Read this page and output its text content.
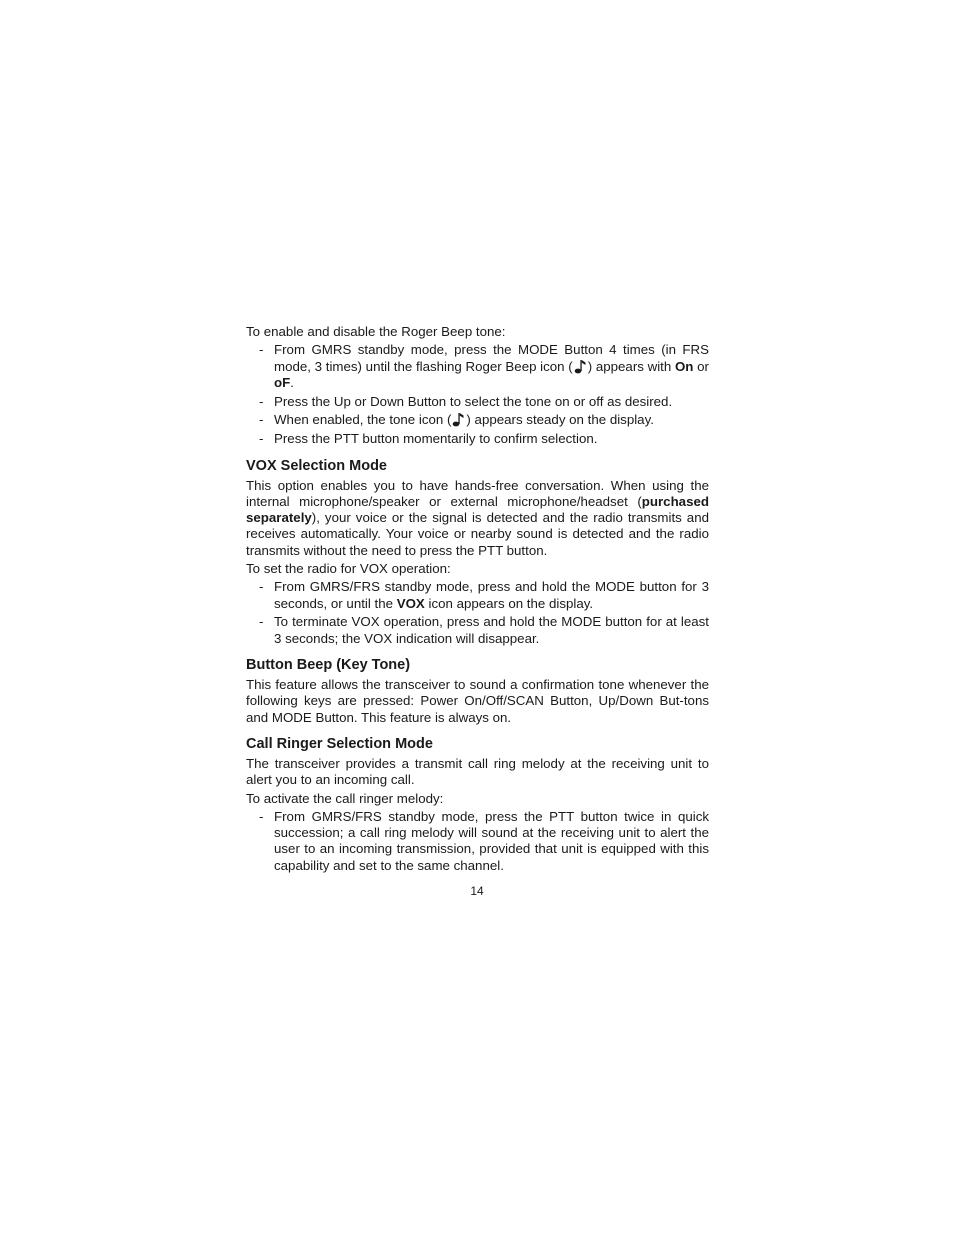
To enable and disable the Roger Beep tone:

- From GMRS standby mode, press the MODE Button 4 times (in FRS mode, 3 times) until the flashing Roger Beep icon ( ) appears with On or oF.
- Press the Up or Down Button to select the tone on or off as desired.
- When enabled, the tone icon ( ) appears steady on the display.
- Press the PTT button momentarily to confirm selection.
VOX Selection Mode

This option enables you to have hands-free conversation. When using the internal microphone/speaker or external microphone/headset (purchased separately), your voice or the signal is detected and the radio transmits and receives automatically. Your voice or nearby sound is detected and the radio transmits without the need to press the PTT button.

To set the radio for VOX operation:

- From GMRS/FRS standby mode, press and hold the MODE button for 3 seconds, or until the VOX icon appears on the display.
- To terminate VOX operation, press and hold the MODE button for at least 3 seconds; the VOX indication will disappear.
Button Beep (Key Tone)

This feature allows the transceiver to sound a confirmation tone whenever the following keys are pressed: Power On/Off/SCAN Button, Up/Down But-tons and MODE Button. This feature is always on.

Call Ringer Selection Mode

The transceiver provides a transmit call ring melody at the receiving unit to alert you to an incoming call.

To activate the call ringer melody:

- From GMRS/FRS standby mode, press the PTT button twice in quick succession; a call ring melody will sound at the receiving unit to alert the user to an incoming transmission, provided that unit is equipped with this capability and set to the same channel.
14
